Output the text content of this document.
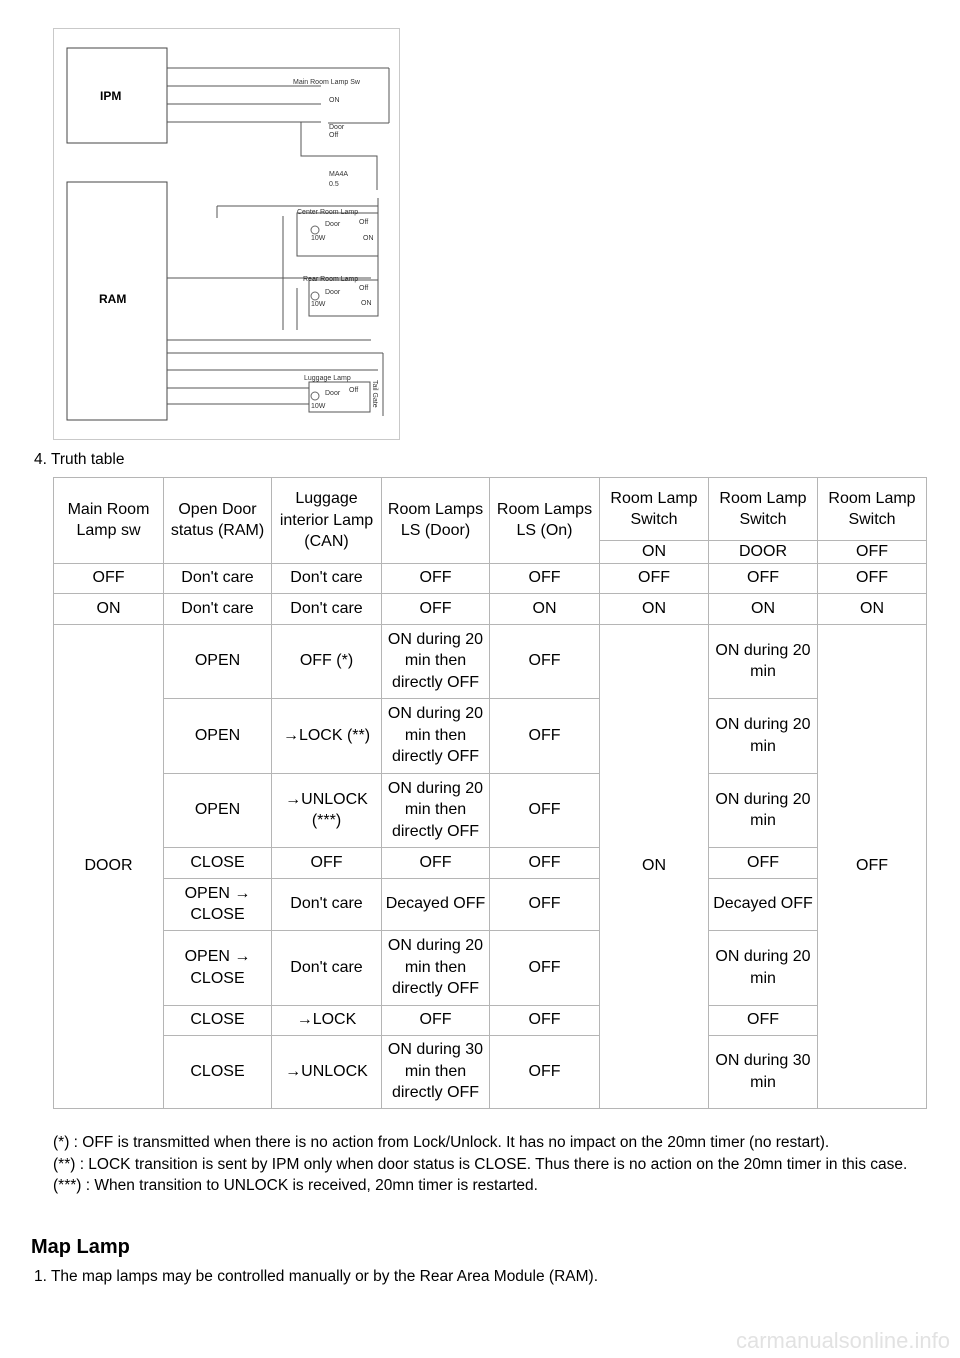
IPM
RAM
Main Room Lamp Sw
ON
Door
Off
MA4A
0.5
Center Room Lamp
Door	Off
ON
10W
Rear Room Lamp
Door
Off
ON
10W
Luggage Lamp
Door Off
10W	Tail Gate
4. Truth table
Main Room Lamp sw	Open Door status (RAM)	Luggage interior Lamp (CAN)	Room Lamps LS (Door)	Room Lamps LS (On)	Room Lamp Switch	Room Lamp Switch	Room Lamp Switch
					ON	DOOR	OFF
OFF	Don't care	Don't care	OFF	OFF	OFF	OFF	OFF
ON	Don't care	Don't care	OFF	ON	ON	ON	ON
DOOR	OPEN	OFF (*)	ON during 20 min then directly OFF	OFF	ON	ON during 20 min	OFF
	OPEN	→LOCK (**)	ON during 20 min then directly OFF	OFF		ON during 20 min	
	OPEN	→UNLOCK (***)	ON during 20 min then directly OFF	OFF		ON during 20 min	
	CLOSE	OFF	OFF	OFF		OFF	
	OPEN → CLOSE	Don't care	Decayed OFF	OFF		Decayed OFF	
	OPEN → CLOSE	Don't care	ON during 20 min then directly OFF	OFF		ON during 20 min	
	CLOSE	→LOCK	OFF	OFF		OFF	
	CLOSE	→UNLOCK	ON during 30 min then directly OFF	OFF		ON during 30 min	

(*) : OFF is transmitted when there is no action from Lock/Unlock. It has no impact on the 20mn timer (no restart).

(**) : LOCK transition is sent by IPM only when door status is CLOSE. Thus there is no action on the 20mn timer in this case.

(***) : When transition to UNLOCK is received, 20mn timer is restarted.

Map Lamp
1. The map lamps may be controlled manually or by the Rear Area Module (RAM).
carmanualsonline.info
